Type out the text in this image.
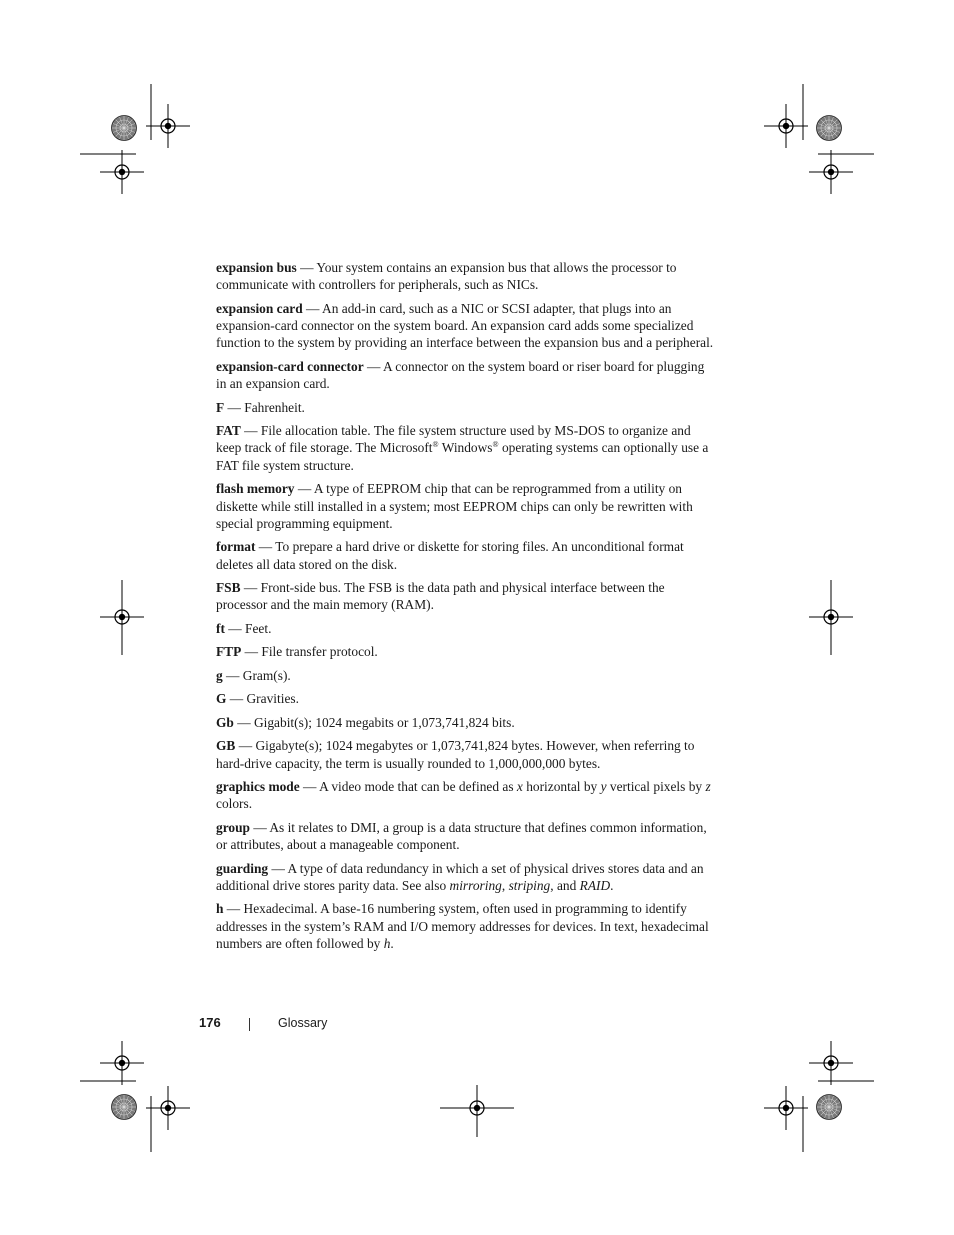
expansion bus — Your system contains an expansion bus that allows the processor to communicate with controllers for peripherals, such as NICs.

expansion card — An add-in card, such as a NIC or SCSI adapter, that plugs into an expansion-card connector on the system board. An expansion card adds some specialized function to the system by providing an interface between the expansion bus and a peripheral.

expansion-card connector — A connector on the system board or riser board for plugging in an expansion card.

F — Fahrenheit.

FAT — File allocation table. The file system structure used by MS-DOS to organize and keep track of file storage. The Microsoft® Windows® operating systems can optionally use a FAT file system structure.

flash memory — A type of EEPROM chip that can be reprogrammed from a utility on diskette while still installed in a system; most EEPROM chips can only be rewritten with special programming equipment.

format — To prepare a hard drive or diskette for storing files. An unconditional format deletes all data stored on the disk.

FSB — Front-side bus. The FSB is the data path and physical interface between the processor and the main memory (RAM).

ft — Feet.

FTP — File transfer protocol.

g — Gram(s).

G — Gravities.

Gb — Gigabit(s); 1024 megabits or 1,073,741,824 bits.

GB — Gigabyte(s); 1024 megabytes or 1,073,741,824 bytes. However, when referring to hard-drive capacity, the term is usually rounded to 1,000,000,000 bytes.

graphics mode — A video mode that can be defined as x horizontal by y vertical pixels by z colors.

group — As it relates to DMI, a group is a data structure that defines common information, or attributes, about a manageable component.

guarding — A type of data redundancy in which a set of physical drives stores data and an additional drive stores parity data. See also mirroring, striping, and RAID.

h — Hexadecimal. A base-16 numbering system, often used in programming to identify addresses in the system’s RAM and I/O memory addresses for devices. In text, hexadecimal numbers are often followed by h.

176	Glossary
